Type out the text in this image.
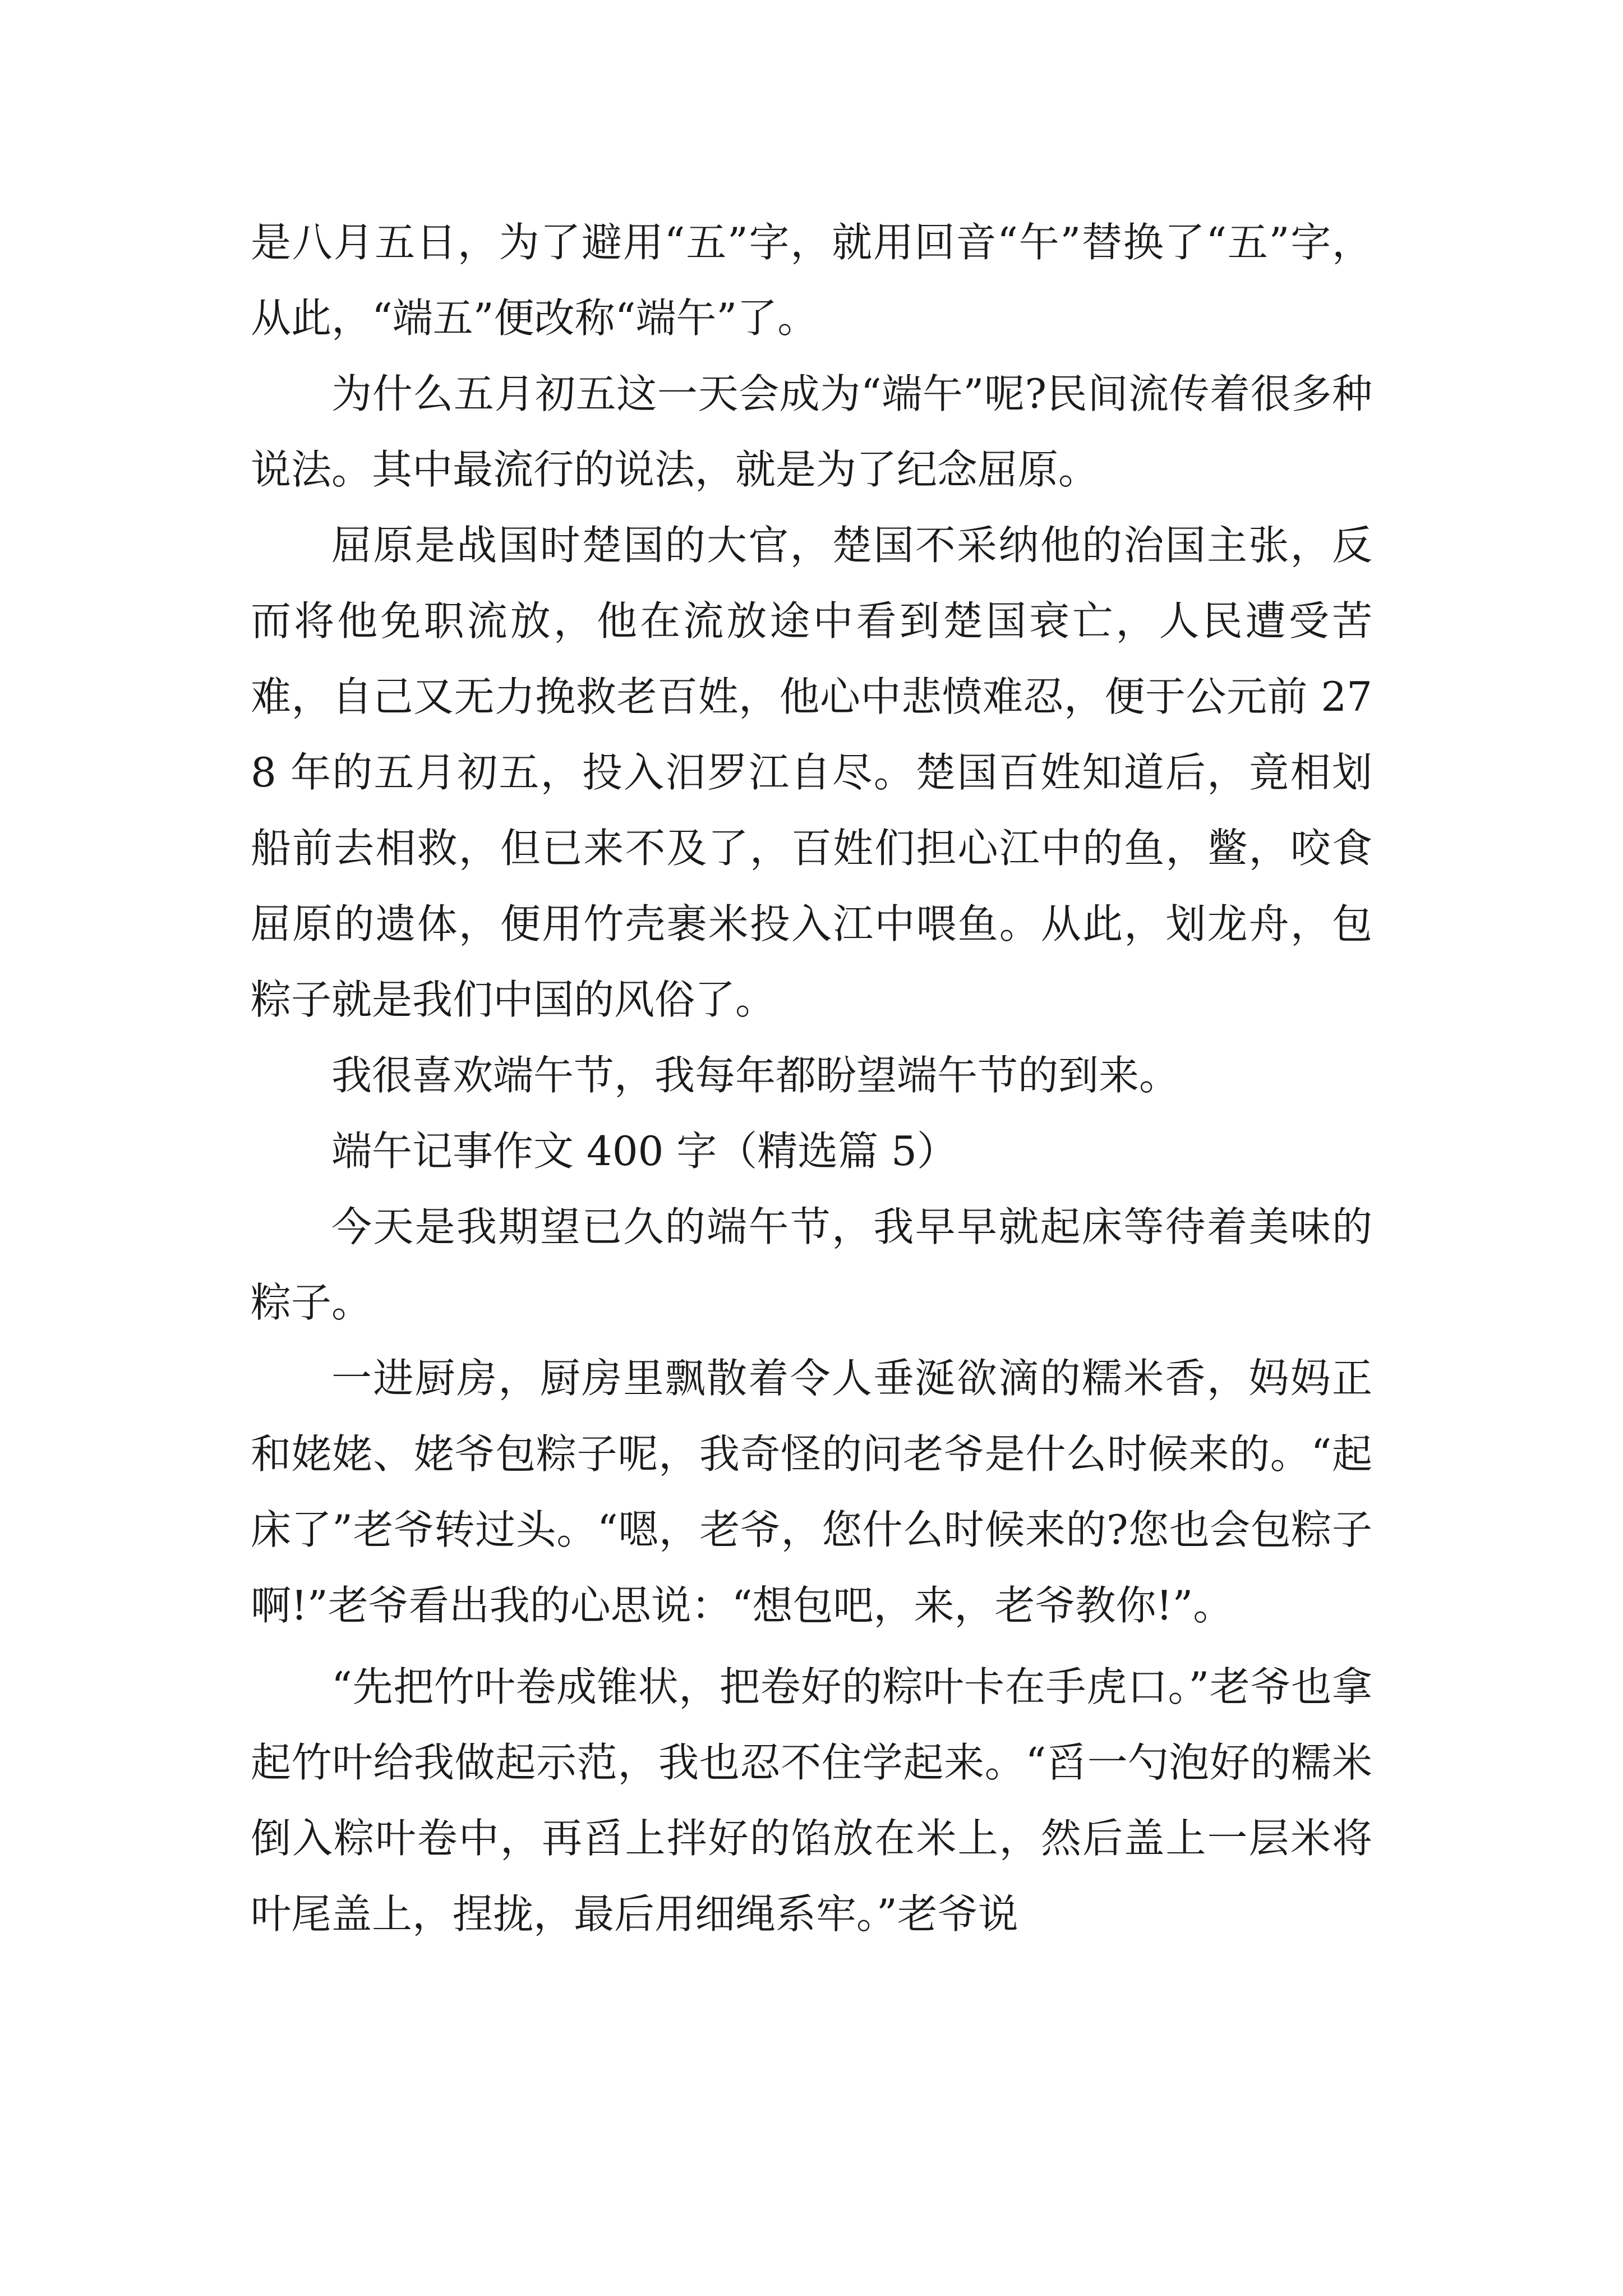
是八月五日，为了避用“五”字，就用回音“午”替换了“五”字，从此，“端五”便改称“端午”了。

为什么五月初五这一天会成为“端午”呢?民间流传着很多种说法。其中最流行的说法，就是为了纪念屈原。

屈原是战国时楚国的大官，楚国不采纳他的治国主张，反而将他免职流放，他在流放途中看到楚国衰亡，人民遭受苦难，自己又无力挽救老百姓，他心中悲愤难忍，便于公元前 278 年的五月初五，投入汨罗江自尽。楚国百姓知道后，竟相划船前去相救，但已来不及了，百姓们担心江中的鱼，鳖，咬食屈原的遗体，便用竹壳裹米投入江中喂鱼。从此，划龙舟，包粽子就是我们中国的风俗了。

我很喜欢端午节，我每年都盼望端午节的到来。

端午记事作文 400 字（精选篇 5）

今天是我期望已久的端午节，我早早就起床等待着美味的粽子。

一进厨房，厨房里飘散着令人垂涎欲滴的糯米香，妈妈正和姥姥、姥爷包粽子呢，我奇怪的问老爷是什么时候来的。“起床了”老爷转过头。“嗯，老爷，您什么时候来的?您也会包粽子啊!”老爷看出我的心思说：“想包吧，来，老爷教你!”。

“先把竹叶卷成锥状，把卷好的粽叶卡在手虎口。”老爷也拿起竹叶给我做起示范，我也忍不住学起来。“舀一勺泡好的糯米倒入粽叶卷中，再舀上拌好的馅放在米上，然后盖上一层米将叶尾盖上，捏拢，最后用细绳系牢。”老爷说
